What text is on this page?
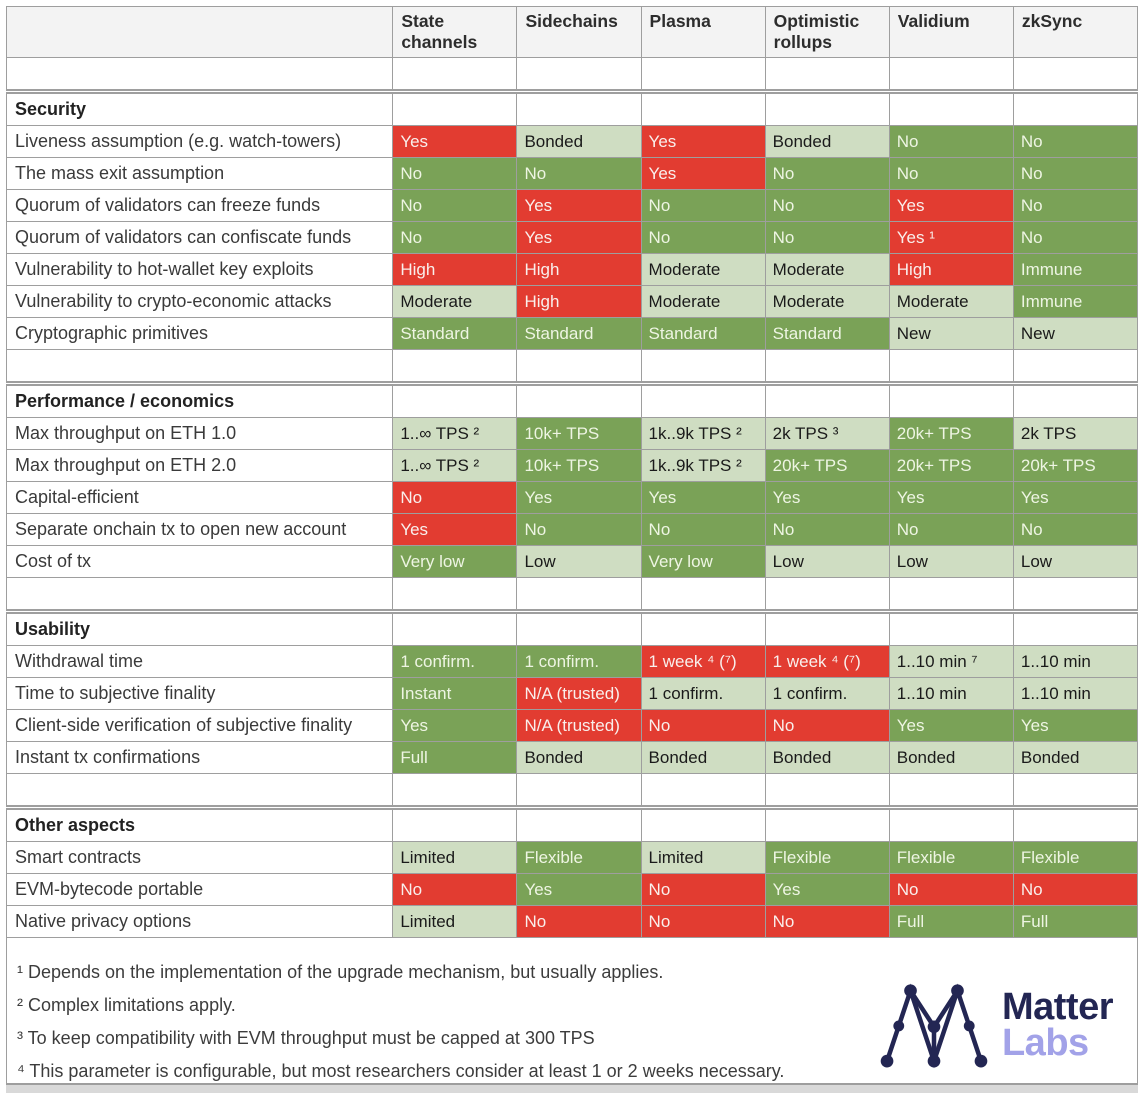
	State channels	Sidechains	Plasma	Optimistic rollups	Validium	zkSync

Security						
Liveness assumption (e.g. watch-towers)	Yes	Bonded	Yes	Bonded	No	No
The mass exit assumption	No	No	Yes	No	No	No
Quorum of validators can freeze funds	No	Yes	No	No	Yes	No
Quorum of validators can confiscate funds	No	Yes	No	No	Yes ¹	No
Vulnerability to hot-wallet key exploits	High	High	Moderate	Moderate	High	Immune
Vulnerability to crypto-economic attacks	Moderate	High	Moderate	Moderate	Moderate	Immune
Cryptographic primitives	Standard	Standard	Standard	Standard	New	New

Performance / economics						
Max throughput on ETH 1.0	1..∞ TPS ²	10k+ TPS	1k..9k TPS ²	2k TPS ³	20k+ TPS	2k TPS
Max throughput on ETH 2.0	1..∞ TPS ²	10k+ TPS	1k..9k TPS ²	20k+ TPS	20k+ TPS	20k+ TPS
Capital-efficient	No	Yes	Yes	Yes	Yes	Yes
Separate onchain tx to open new account	Yes	No	No	No	No	No
Cost of tx	Very low	Low	Very low	Low	Low	Low

Usability						
Withdrawal time	1 confirm.	1 confirm.	1 week ⁴ (⁷)	1 week ⁴ (⁷)	1..10 min ⁷	1..10 min
Time to subjective finality	Instant	N/A (trusted)	1 confirm.	1 confirm.	1..10 min	1..10 min
Client-side verification of subjective finality	Yes	N/A (trusted)	No	No	Yes	Yes
Instant tx confirmations	Full	Bonded	Bonded	Bonded	Bonded	Bonded

Other aspects						
Smart contracts	Limited	Flexible	Limited	Flexible	Flexible	Flexible
EVM-bytecode portable	No	Yes	No	Yes	No	No
Native privacy options	Limited	No	No	No	Full	Full

¹ Depends on the implementation of the upgrade mechanism, but usually applies.

² Complex limitations apply.

³ To keep compatibility with EVM throughput must be capped at 300 TPS

⁴ This parameter is configurable, but most researchers consider at least 1 or 2 weeks necessary.

Matter
Labs
